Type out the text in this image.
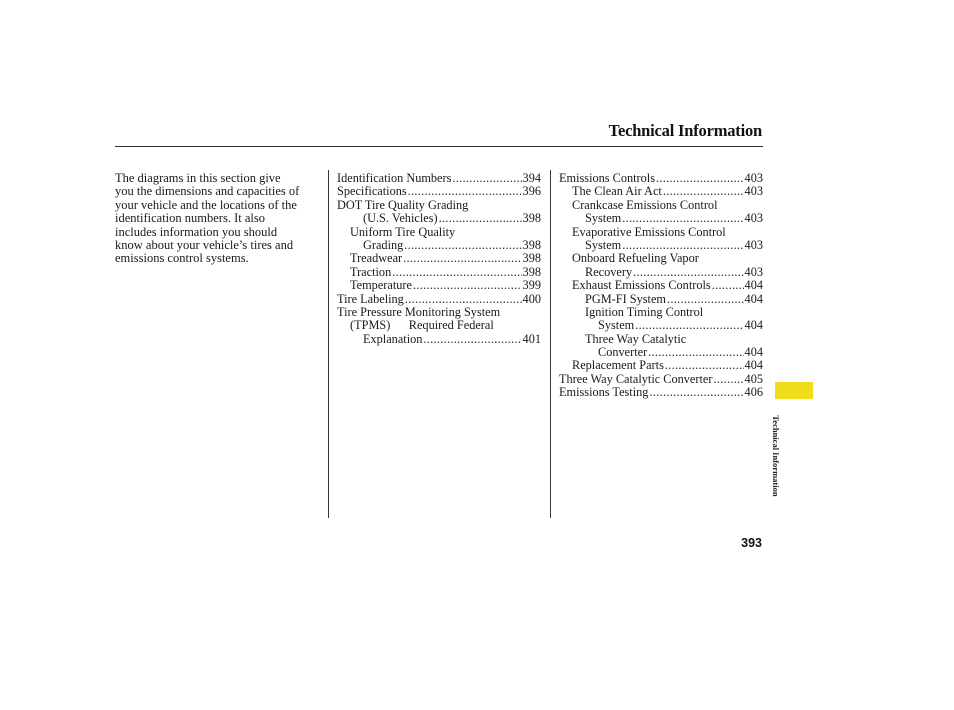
Technical Information
The diagrams in this section give
you the dimensions and capacities of
your vehicle and the locations of the
identification numbers. It also
includes information you should
know about your vehicle’s tires and
emissions control systems.
Identification Numbers .....	394
Specifications .....	396
DOT Tire Quality Grading
(U.S. Vehicles) .....	398
Uniform Tire Quality
Grading .....	398
Treadwear .....	398
Traction .....	398
Temperature .....	399
Tire Labeling .....	400
Tire Pressure Monitoring System
(TPMS)      Required Federal
Explanation .....	401
Emissions Controls .....	403
The Clean Air Act .....	403
Crankcase Emissions Control
System .....	403
Evaporative Emissions Control
System .....	403
Onboard Refueling Vapor
Recovery .....	403
Exhaust Emissions Controls .....	404
PGM-FI System .....	404
Ignition Timing Control
System .....	404
Three Way Catalytic
Converter .....	404
Replacement Parts .....	404
Three Way Catalytic Converter .....	405
Emissions Testing .....	406
Technical Information
393
